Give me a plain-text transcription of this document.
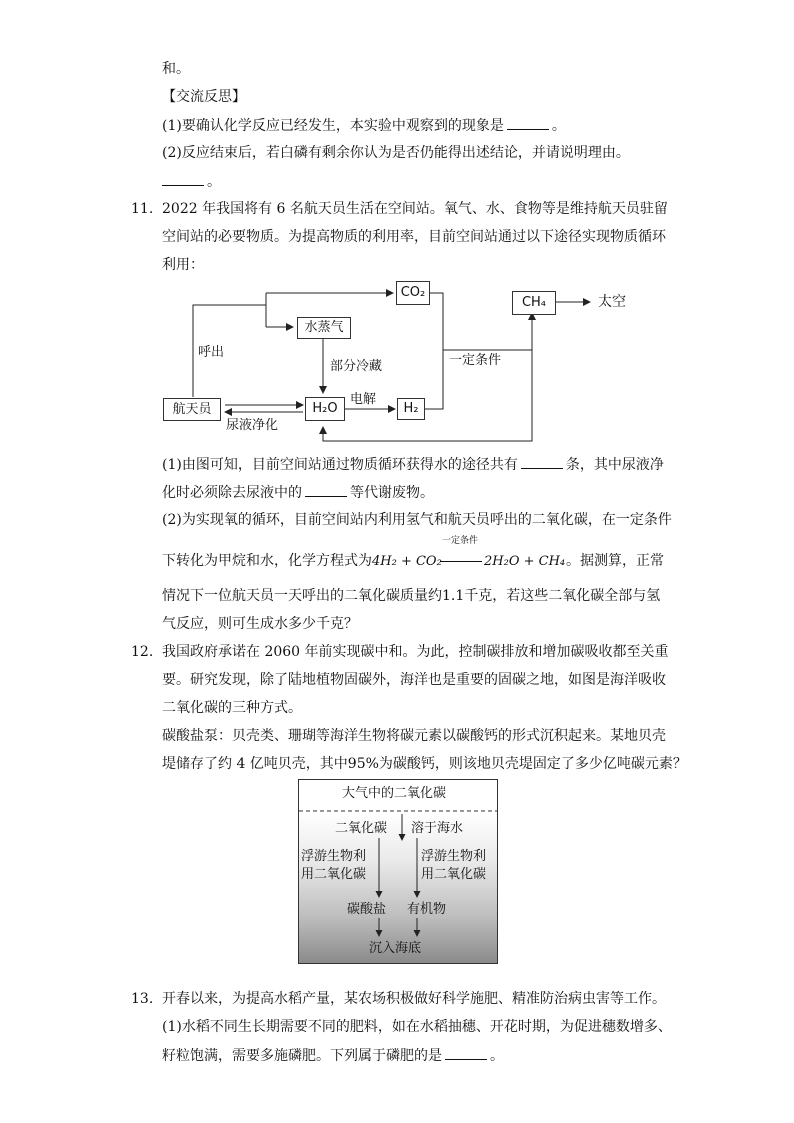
和。
【交流反思】
(1)要确认化学反应已经发生，本实验中观察到的现象是	。
(2)反应结束后，若白磷有剩余你认为是否仍能得出述结论，并请说明理由。
。
11. 2022 年我国将有 6 名航天员生活在空间站。氧气、水、食物等是维持航天员驻留
空间站的必要物质。为提高物质的利用率，目前空间站通过以下途径实现物质循环
利用：
CO₂
CH₄	太空
水蒸气
呼出
部分冷藏	一定条件
航天员	H₂O
电解
H₂
尿液净化
(1)由图可知，目前空间站通过物质循环获得水的途径共有	条，其中尿液净
化时必须除去尿液中的	等代谢废物。
(2)为实现氧的循环，目前空间站内利用氢气和航天员呼出的二氧化碳，在一定条件
下转化为甲烷和水，化学方程式为 4H₂ + CO₂
一定条件
2H₂O + CH₄ 。据测算，正常
情况下一位航天员一天呼出的二氧化碳质量约1.1千克，若这些二氧化碳全部与氢
气反应，则可生成水多少千克？
12. 我国政府承诺在 2060 年前实现碳中和。为此，控制碳排放和增加碳吸收都至关重
要。研究发现，除了陆地植物固碳外，海洋也是重要的固碳之地，如图是海洋吸收
二氧化碳的三种方式。
碳酸盐泵：贝壳类、珊瑚等海洋生物将碳元素以碳酸钙的形式沉积起来。某地贝壳
堤储存了约 4 亿吨贝壳，其中95%为碳酸钙，则该地贝壳堤固定了多少亿吨碳元素？
大气中的二氧化碳
二氧化碳 溶于海水
浮游生物利
用二氧化碳
浮游生物利
用二氧化碳
碳酸盐 有机物
沉入海底
13. 开春以来，为提高水稻产量，某农场积极做好科学施肥、精准防治病虫害等工作。
(1)水稻不同生长期需要不同的肥料，如在水稻抽穗、开花时期，为促进穗数增多、
籽粒饱满，需要多施磷肥。下列属于磷肥的是	。
